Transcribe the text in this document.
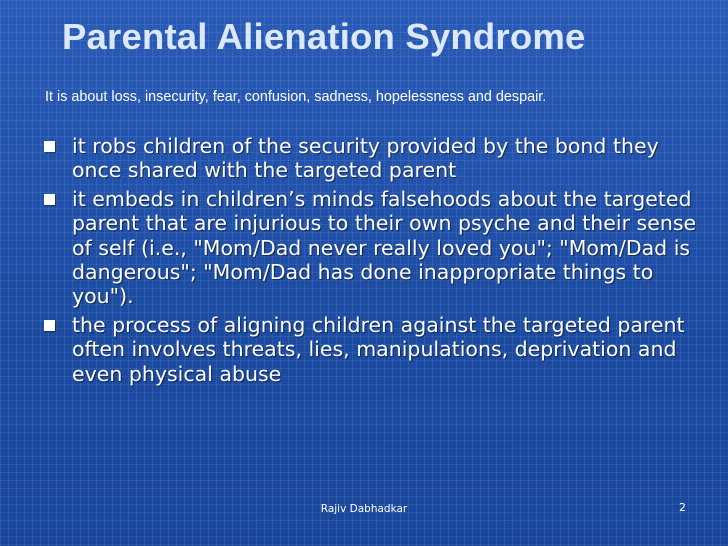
Parental Alienation Syndrome
It is about loss, insecurity, fear, confusion, sadness, hopelessness and despair.
it robs children of the security provided by the bond they once shared with the targeted parent
it embeds in children’s minds falsehoods about the targeted parent that are injurious to their own psyche and their sense of self (i.e., "Mom/Dad never really loved you"; "Mom/Dad is dangerous"; "Mom/Dad has done inappropriate things to you").
the process of aligning children against the targeted parent often involves threats, lies, manipulations, deprivation and even physical abuse
Rajiv Dabhadkar	2
